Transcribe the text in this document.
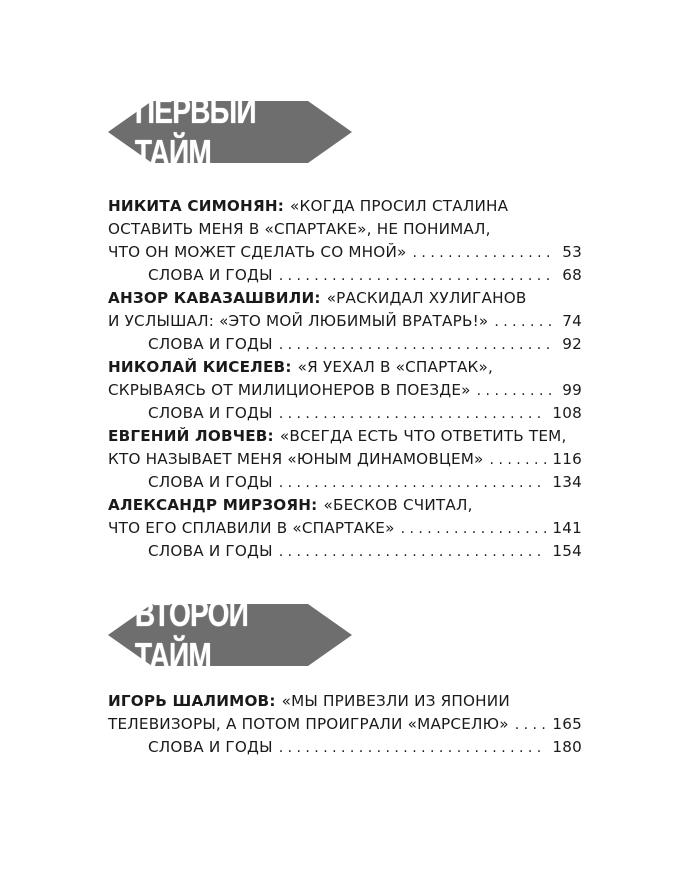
ПЕРВЫЙ ТАЙМ
НИКИТА СИМОНЯН: «КОГДА ПРОСИЛ СТАЛИНА
ОСТАВИТЬ МЕНЯ В «СПАРТАКЕ», НЕ ПОНИМАЛ,
ЧТО ОН МОЖЕТ СДЕЛАТЬ СО МНОЙ» . . .	53
СЛОВА И ГОДЫ . . .	68
АНЗОР КАВАЗАШВИЛИ: «РАСКИДАЛ ХУЛИГАНОВ
И УСЛЫШАЛ: «ЭТО МОЙ ЛЮБИМЫЙ ВРАТАРЬ!» . . .	74
СЛОВА И ГОДЫ . . .	92
НИКОЛАЙ КИСЕЛЕВ: «Я УЕХАЛ В «СПАРТАК»,
СКРЫВАЯСЬ ОТ МИЛИЦИОНЕРОВ В ПОЕЗДЕ» . . .	99
СЛОВА И ГОДЫ . . .	108
ЕВГЕНИЙ ЛОВЧЕВ: «ВСЕГДА ЕСТЬ ЧТО ОТВЕТИТЬ ТЕМ,
КТО НАЗЫВАЕТ МЕНЯ «ЮНЫМ ДИНАМОВЦЕМ» . . .	116
СЛОВА И ГОДЫ . . .	134
АЛЕКСАНДР МИРЗОЯН: «БЕСКОВ СЧИТАЛ,
ЧТО ЕГО СПЛАВИЛИ В «СПАРТАКЕ» . . .	141
СЛОВА И ГОДЫ . . .	154
ВТОРОЙ ТАЙМ
ИГОРЬ ШАЛИМОВ: «МЫ ПРИВЕЗЛИ ИЗ ЯПОНИИ
ТЕЛЕВИЗОРЫ, А ПОТОМ ПРОИГРАЛИ «МАРСЕЛЮ» . . .	165
СЛОВА И ГОДЫ . . .	180
